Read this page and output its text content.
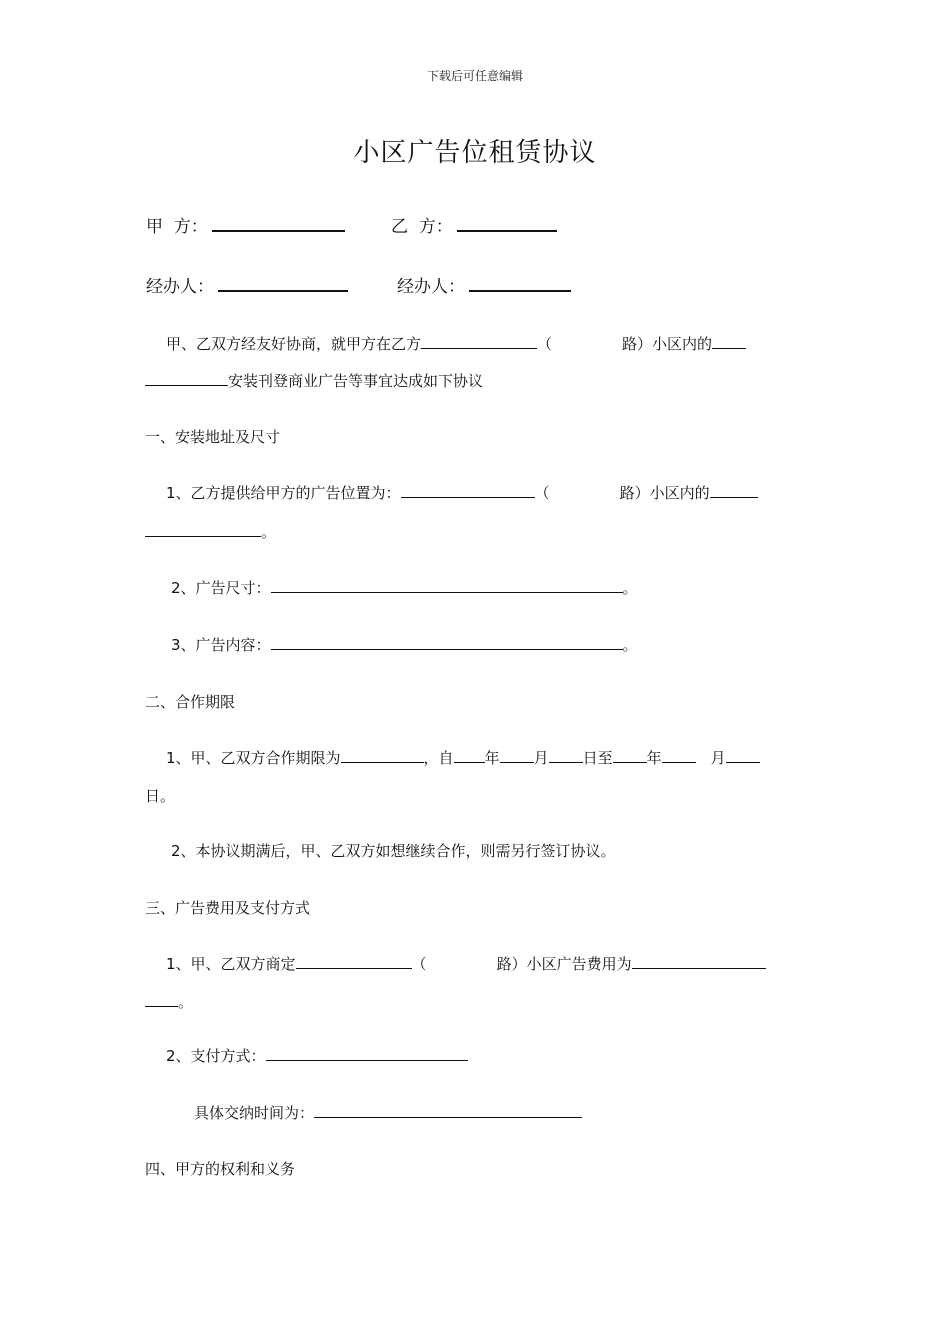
下载后可任意编辑
小区广告位租赁协议
甲  方：	乙  方：
经办人：	经办人：
甲、乙双方经友好协商，就甲方在乙方	（	路）小区内的
安装刊登商业广告等事宜达成如下协议
一、安装地址及尺寸
1、乙方提供给甲方的广告位置为：	（	路）小区内的
。
2、广告尺寸：	。
3、广告内容：	。
二、合作期限
1、甲、乙双方合作期限为	，自 年 月 日至 年	月
日。
2、本协议期满后，甲、乙双方如想继续合作，则需另行签订协议。
三、广告费用及支付方式
1、甲、乙双方商定	（	路）小区广告费用为
。
2、支付方式：
具体交纳时间为：
四、甲方的权利和义务
